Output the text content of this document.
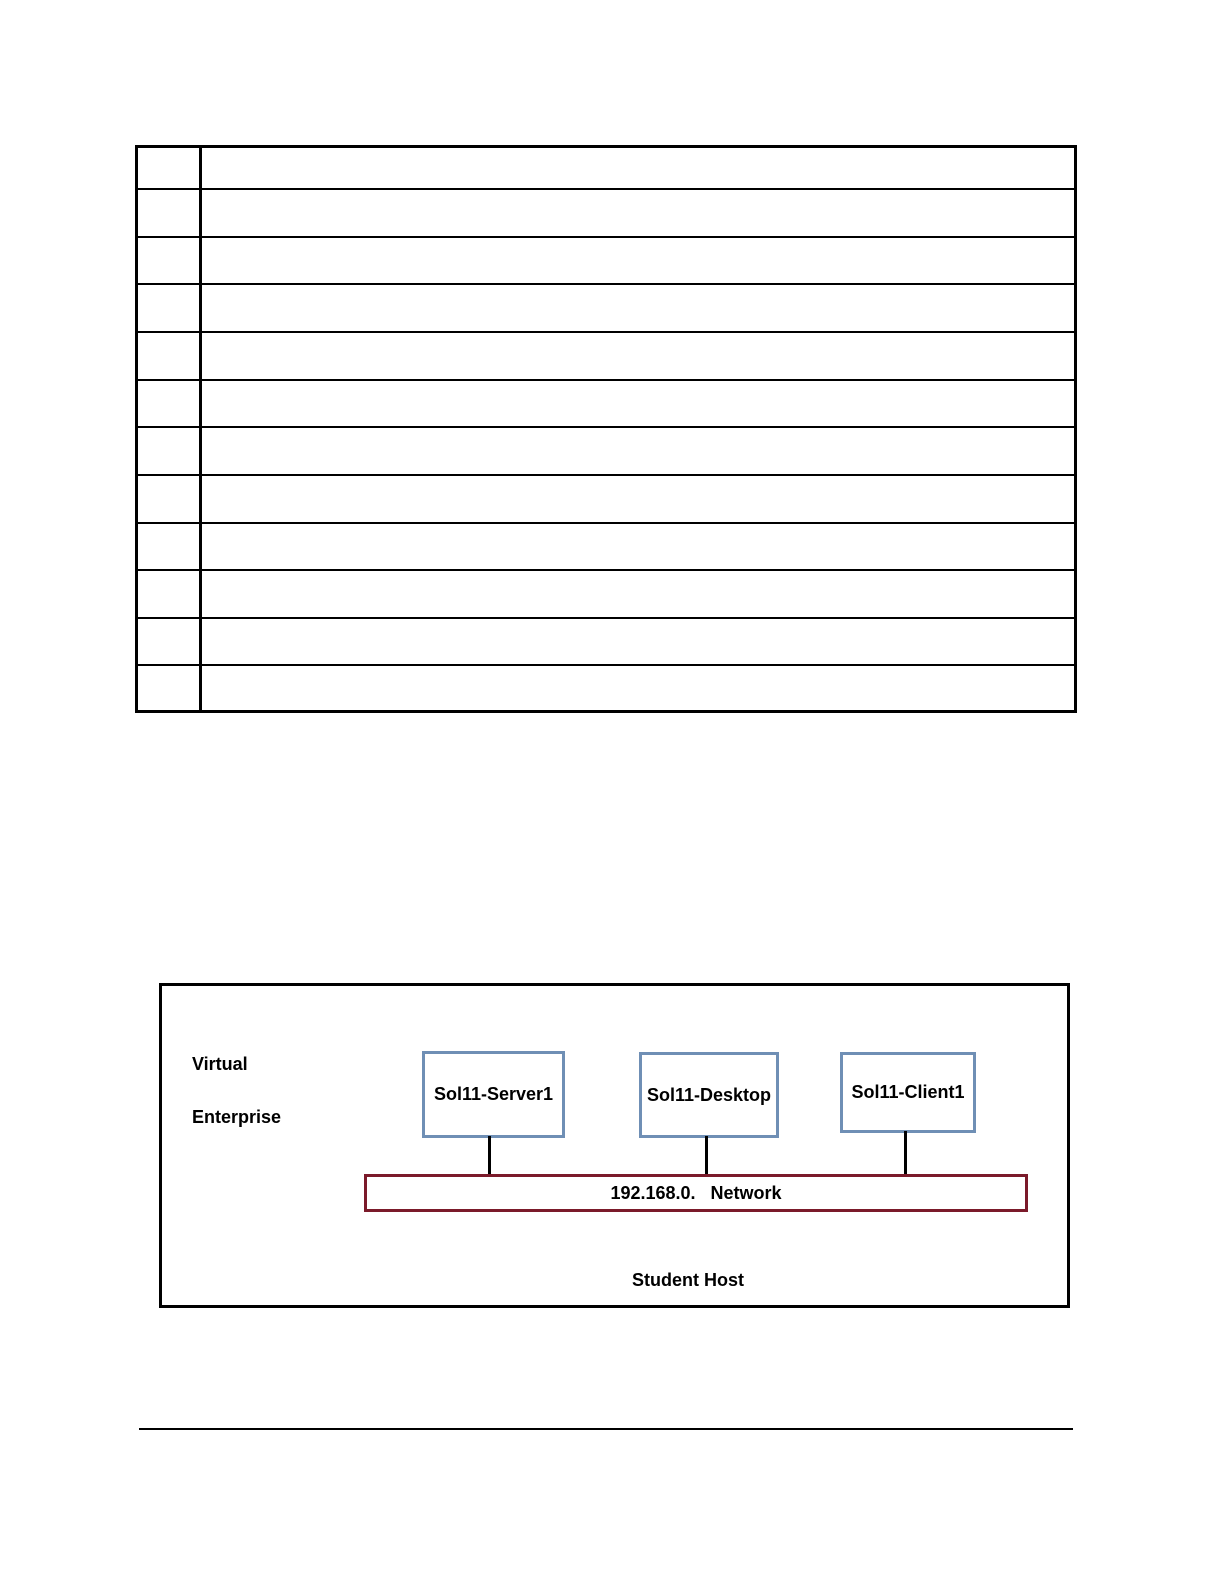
Virtual
Enterprise
Sol11-Server1	Sol11-Desktop	Sol11-Client1
192.168.0.   Network
Student Host
